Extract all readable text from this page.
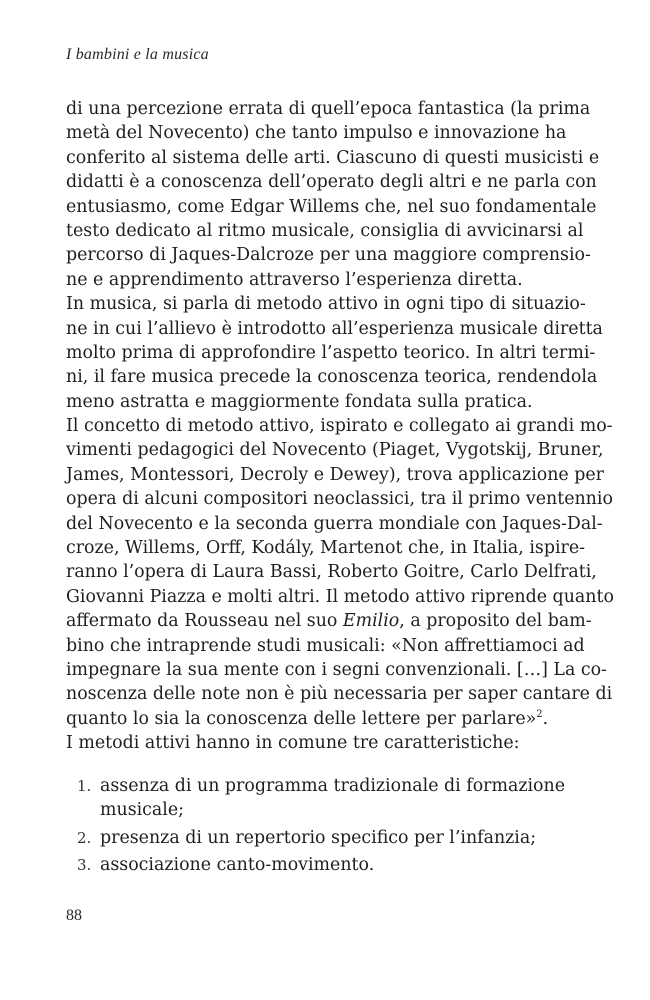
I bambini e la musica
di una percezione errata di quell’epoca fantastica (la prima
metà del Novecento) che tanto impulso e innovazione ha
conferito al sistema delle arti. Ciascuno di questi musicisti e
didatti è a conoscenza dell’operato degli altri e ne parla con
entusiasmo, come Edgar Willems che, nel suo fondamentale
testo dedicato al ritmo musicale, consiglia di avvicinarsi al
percorso di Jaques-Dalcroze per una maggiore comprensio-
ne e apprendimento attraverso l’esperienza diretta.
In musica, si parla di metodo attivo in ogni tipo di situazio-
ne in cui l’allievo è introdotto all’esperienza musicale diretta
molto prima di approfondire l’aspetto teorico. In altri termi-
ni, il fare musica precede la conoscenza teorica, rendendola
meno astratta e maggiormente fondata sulla pratica.
Il concetto di metodo attivo, ispirato e collegato ai grandi mo-
vimenti pedagogici del Novecento (Piaget, Vygotskij, Bruner,
James, Montessori, Decroly e Dewey), trova applicazione per
opera di alcuni compositori neoclassici, tra il primo ventennio
del Novecento e la seconda guerra mondiale con Jaques-Dal-
croze, Willems, Orff, Kodály, Martenot che, in Italia, ispire-
ranno l’opera di Laura Bassi, Roberto Goitre, Carlo Delfrati,
Giovanni Piazza e molti altri. Il metodo attivo riprende quanto
affermato da Rousseau nel suo Emilio, a proposito del bam-
bino che intraprende studi musicali: «Non affrettiamoci ad
impegnare la sua mente con i segni convenzionali. […] La co-
noscenza delle note non è più necessaria per saper cantare di
quanto lo sia la conoscenza delle lettere per parlare»$^2$.
I metodi attivi hanno in comune tre caratteristiche:
1. assenza di un programma tradizionale di formazione
musicale;
2. presenza di un repertorio specifico per l’infanzia;
3. associazione canto-movimento.
88
